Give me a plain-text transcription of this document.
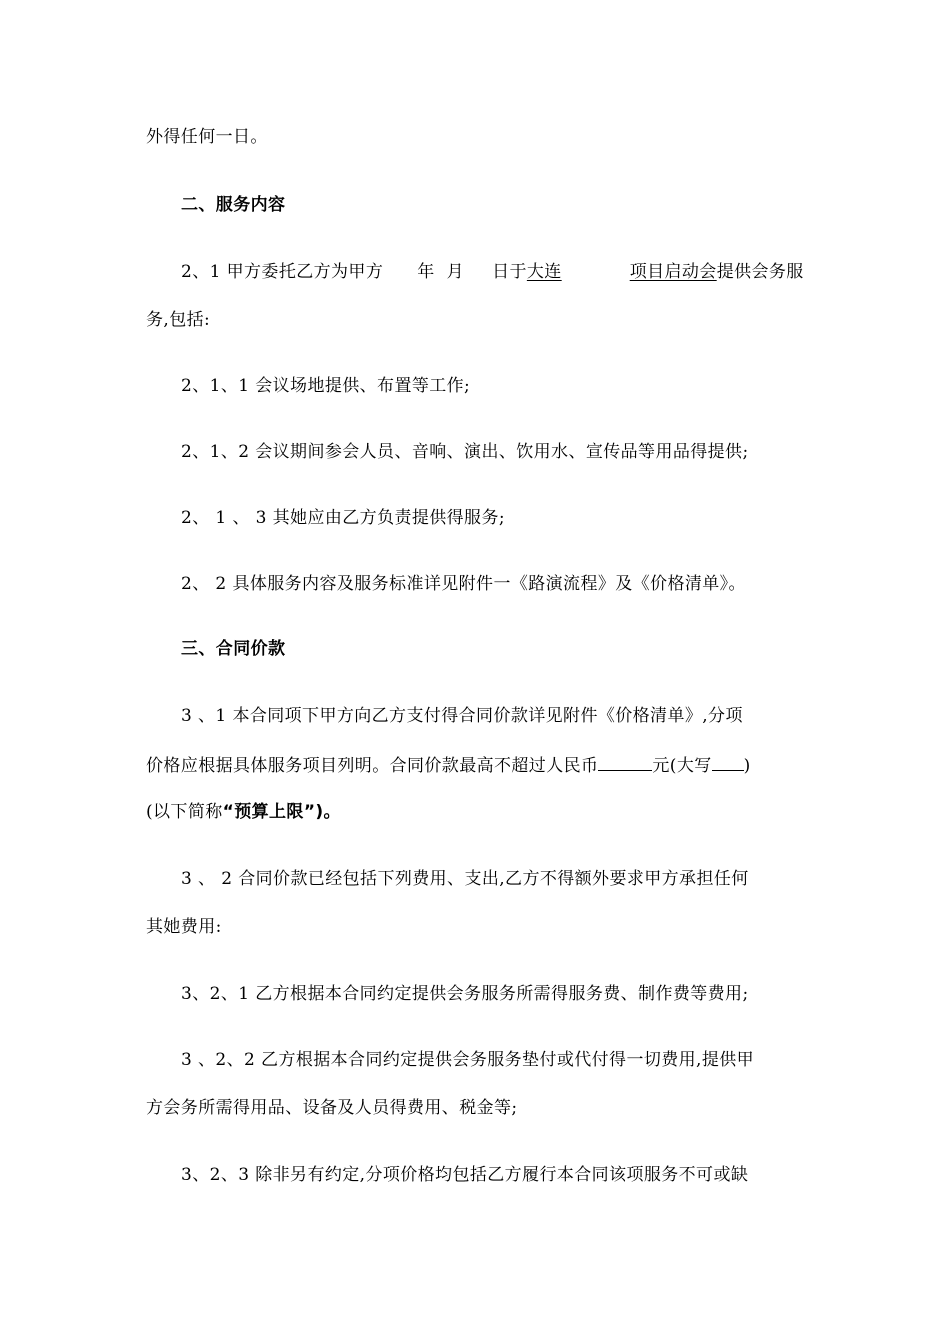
外得任何一日。

二、服务内容

2、1 甲方委托乙方为甲方 年 月 日于大连	项目启动会提供会务服

务,包括:

2、1、1 会议场地提供、布置等工作;

2、1、2 会议期间参会人员、音响、演出、饮用水、宣传品等用品得提供;

2、 1 、 3 其她应由乙方负责提供得服务;

2、 2 具体服务内容及服务标准详见附件一《路演流程》及《价格清单》。

三、合同价款

3 、1 本合同项下甲方向乙方支付得合同价款详见附件《价格清单》,分项

价格应根据具体服务项目列明。合同价款最高不超过人民币	元(大写 )

(以下简称“预算上限”)。

3 、 2 合同价款已经包括下列费用、支出,乙方不得额外要求甲方承担任何

其她费用:

3、2、1 乙方根据本合同约定提供会务服务所需得服务费、制作费等费用;

3 、2、2 乙方根据本合同约定提供会务服务垫付或代付得一切费用,提供甲

方会务所需得用品、设备及人员得费用、税金等;

3、2、3 除非另有约定,分项价格均包括乙方履行本合同该项服务不可或缺
